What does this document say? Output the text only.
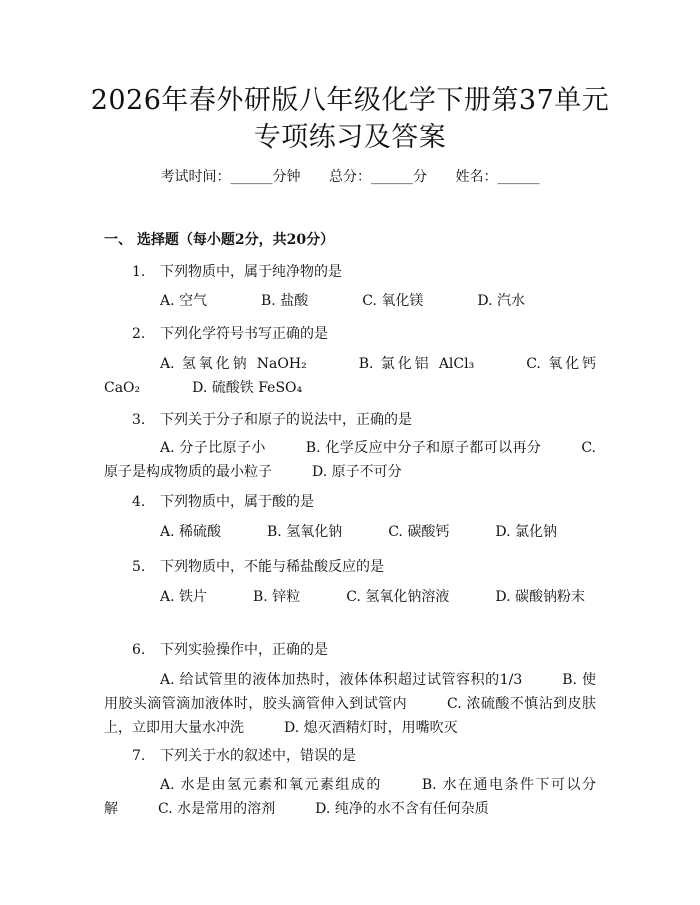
2026年春外研版八年级化学下册第37单元
专项练习及答案
考试时间：______分钟 总分：______分 姓名：______
一、 选择题（每小题2分，共20分）
1. 下列物质中，属于纯净物的是
A. 空气	B. 盐酸	C. 氧化镁	D. 汽水
2. 下列化学符号书写正确的是
A. 氢氧化钠 NaOH₂	B. 氯化铝 AlCl₃	C. 氧化钙 CaO₂	D. 硫酸铁 FeSO₄
3. 下列关于分子和原子的说法中，正确的是
A. 分子比原子小	B. 化学反应中分子和原子都可以再分	C. 原子是构成物质的最小粒子	D. 原子不可分
4. 下列物质中，属于酸的是
A. 稀硫酸	B. 氢氧化钠	C. 碳酸钙	D. 氯化钠
5. 下列物质中，不能与稀盐酸反应的是
A. 铁片	B. 锌粒	C. 氢氧化钠溶液	D. 碳酸钠粉末
6. 下列实验操作中，正确的是
A. 给试管里的液体加热时，液体体积超过试管容积的1/3	B. 使用胶头滴管滴加液体时，胶头滴管伸入到试管内	C. 浓硫酸不慎沾到皮肤上，立即用大量水冲洗	D. 熄灭酒精灯时，用嘴吹灭
7. 下列关于水的叙述中，错误的是
A. 水是由氢元素和氧元素组成的	B. 水在通电条件下可以分解	C. 水是常用的溶剂	D. 纯净的水不含有任何杂质
